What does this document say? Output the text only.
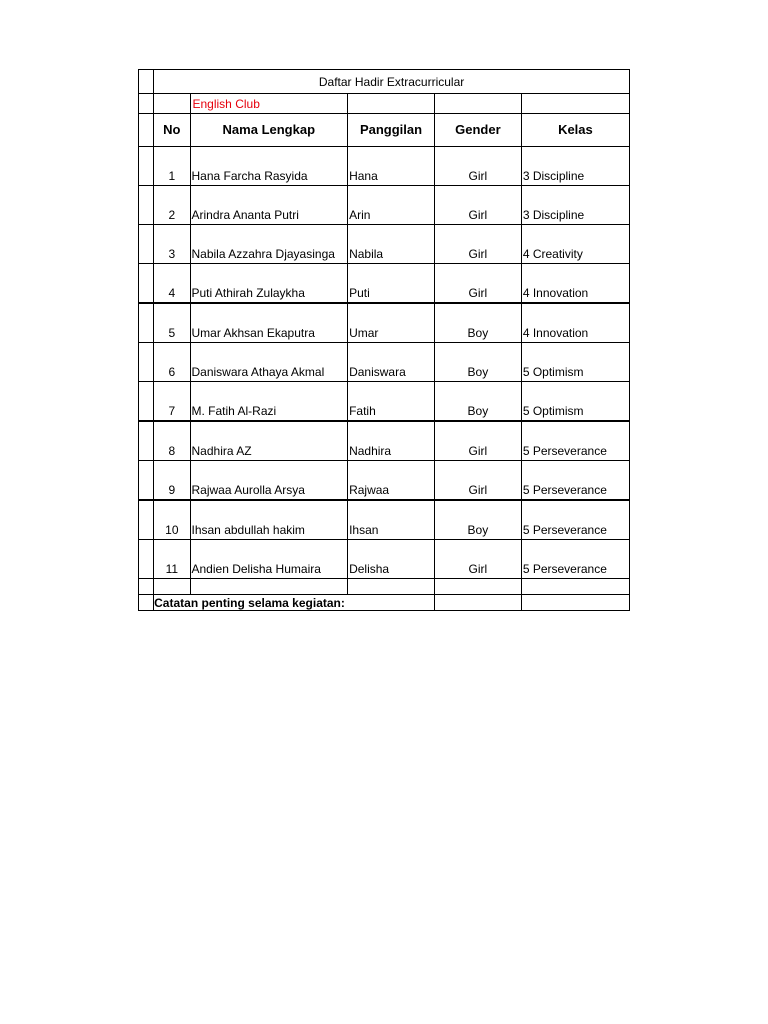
	Daftar Hadir Extracurricular				
		English Club			
	No	Nama Lengkap	Panggilan	Gender	Kelas
	1	Hana Farcha Rasyida	Hana	Girl	3 Discipline
	2	Arindra Ananta Putri	Arin	Girl	3 Discipline
	3	Nabila Azzahra Djayasinga	Nabila	Girl	4 Creativity
	4	Puti Athirah Zulaykha	Puti	Girl	4 Innovation
	5	Umar Akhsan Ekaputra	Umar	Boy	4 Innovation
	6	Daniswara Athaya Akmal	Daniswara	Boy	5 Optimism
	7	M. Fatih Al-Razi	Fatih	Boy	5 Optimism
	8	Nadhira AZ	Nadhira	Girl	5 Perseverance
	9	Rajwaa Aurolla Arsya	Rajwaa	Girl	5 Perseverance
	10	Ihsan abdullah hakim	Ihsan	Boy	5 Perseverance
	11	Andien Delisha Humaira	Delisha	Girl	5 Perseverance

	Catatan penting selama kegiatan:				
